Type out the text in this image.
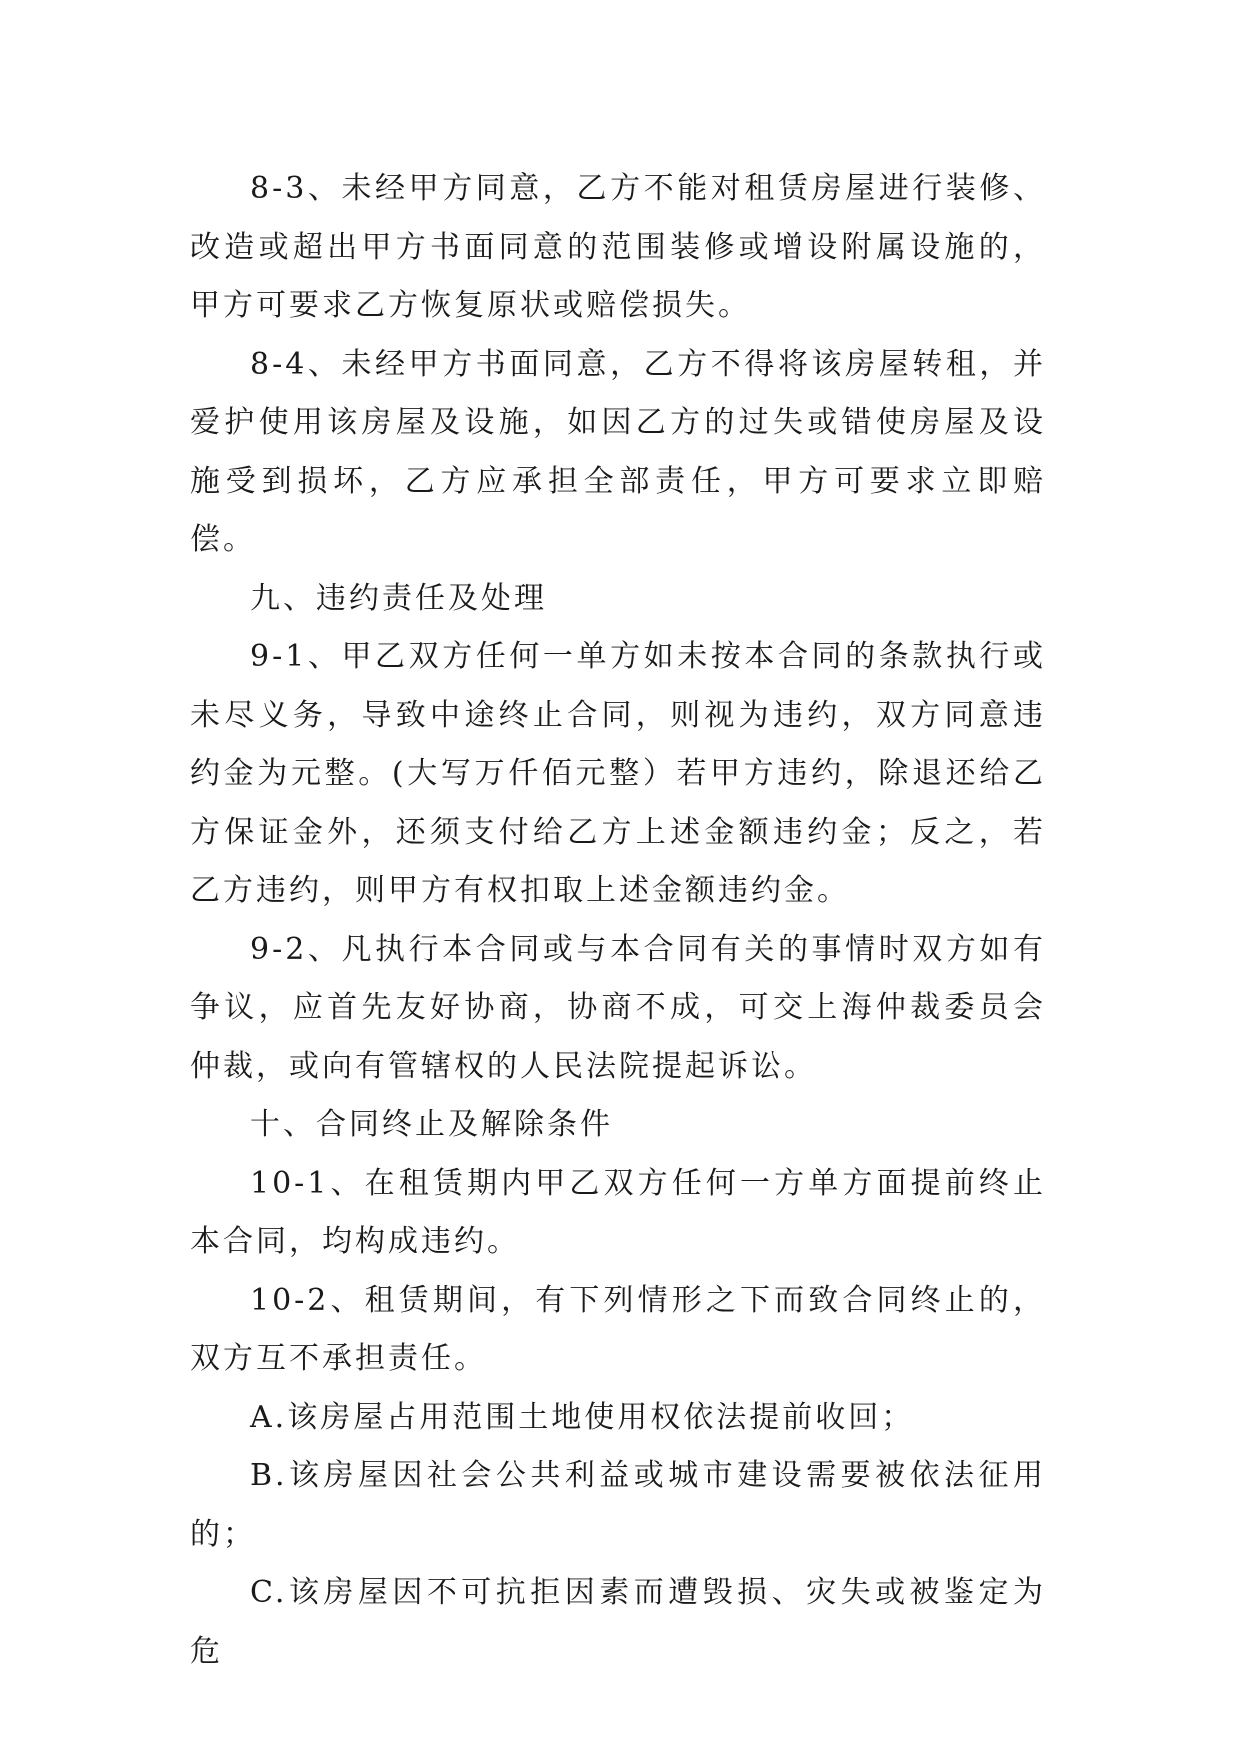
8-3、未经甲方同意，乙方不能对租赁房屋进行装修、改造或超出甲方书面同意的范围装修或增设附属设施的，甲方可要求乙方恢复原状或赔偿损失。

8-4、未经甲方书面同意，乙方不得将该房屋转租，并爱护使用该房屋及设施，如因乙方的过失或错使房屋及设施受到损坏，乙方应承担全部责任，甲方可要求立即赔偿。

九、违约责任及处理

9-1、甲乙双方任何一单方如未按本合同的条款执行或未尽义务，导致中途终止合同，则视为违约，双方同意违约金为元整。(大写万仟佰元整）若甲方违约，除退还给乙方保证金外，还须支付给乙方上述金额违约金；反之，若乙方违约，则甲方有权扣取上述金额违约金。

9-2、凡执行本合同或与本合同有关的事情时双方如有争议，应首先友好协商，协商不成，可交上海仲裁委员会仲裁，或向有管辖权的人民法院提起诉讼。

十、合同终止及解除条件

10-1、在租赁期内甲乙双方任何一方单方面提前终止本合同，均构成违约。

10-2、租赁期间，有下列情形之下而致合同终止的，双方互不承担责任。

A.该房屋占用范围土地使用权依法提前收回；

B.该房屋因社会公共利益或城市建设需要被依法征用的；

C.该房屋因不可抗拒因素而遭毁损、灾失或被鉴定为危
